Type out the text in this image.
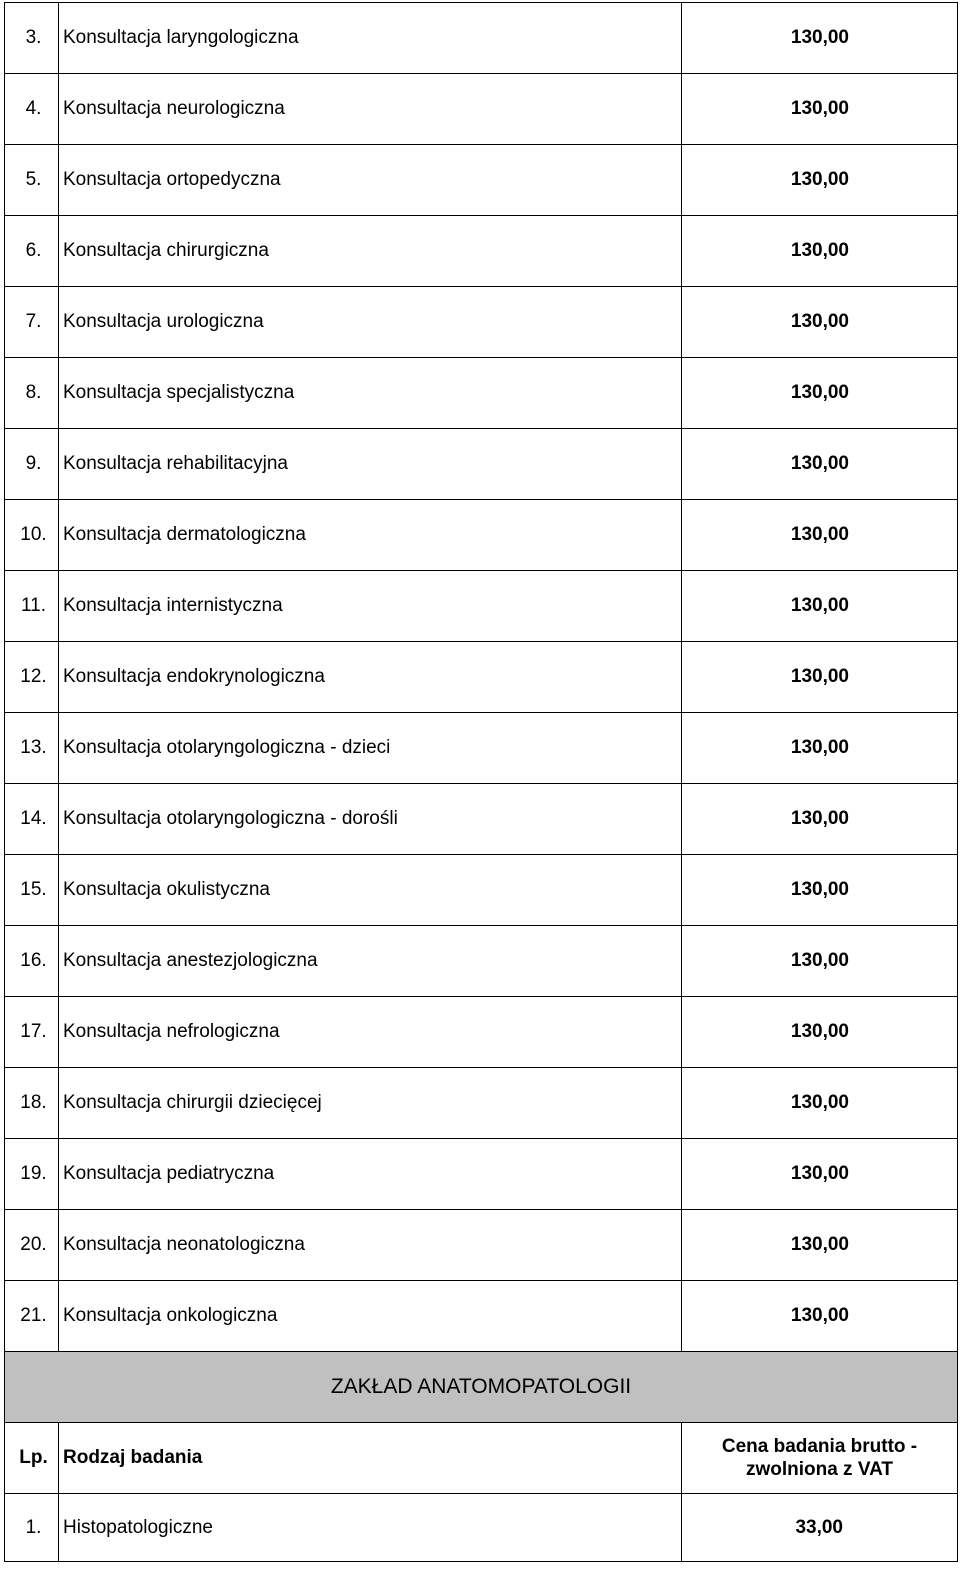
3.	Konsultacja laryngologiczna	130,00
4.	Konsultacja neurologiczna	130,00
5.	Konsultacja ortopedyczna	130,00
6.	Konsultacja chirurgiczna	130,00
7.	Konsultacja urologiczna	130,00
8.	Konsultacja specjalistyczna	130,00
9.	Konsultacja rehabilitacyjna	130,00
10.	Konsultacja dermatologiczna	130,00
11.	Konsultacja internistyczna	130,00
12.	Konsultacja endokrynologiczna	130,00
13.	Konsultacja otolaryngologiczna - dzieci	130,00
14.	Konsultacja otolaryngologiczna - dorośli	130,00
15.	Konsultacja okulistyczna	130,00
16.	Konsultacja anestezjologiczna	130,00
17.	Konsultacja nefrologiczna	130,00
18.	Konsultacja chirurgii dziecięcej	130,00
19.	Konsultacja pediatryczna	130,00
20.	Konsultacja neonatologiczna	130,00
21.	Konsultacja onkologiczna	130,00
ZAKŁAD ANATOMOPATOLOGII		
Lp.	Rodzaj badania	Cena badania brutto -
zwolniona z VAT
1.	Histopatologiczne	33,00
